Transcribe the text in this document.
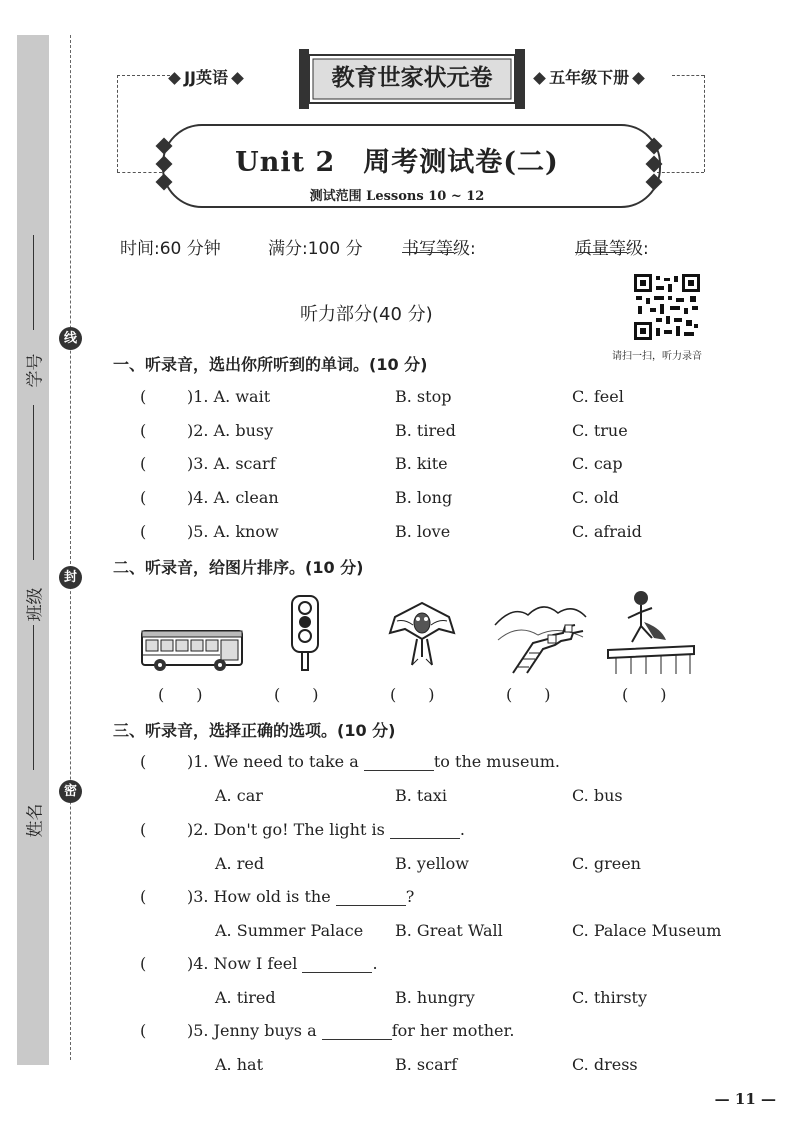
学号
班级
姓名
线
封
密
JJ英语	五年级下册
教育世家状元卷
Unit 2　周考测试卷(二)
测试范围 Lessons 10 ~ 12
时间:60 分钟	满分:100 分 书写等级:	质量等级:
请扫一扫，听力录音
听力部分(40 分)
一、听录音，选出你所听到的单词。(10 分)
(	)1. A. wait	B. stop	C. feel
(	)2. A. busy	B. tired	C. true
(	)3. A. scarf	B. kite	C. cap
(	)4. A. clean	B. long	C. old
(	)5. A. know	B. love	C. afraid
二、听录音，给图片排序。(10 分)
(　　)	(　　)	(　　)	(　　)	(　　)
三、听录音，选择正确的选项。(10 分)
(	)1. We need to take a	to the museum.
A. car	B. taxi	C. bus
(	)2. Don't go! The light is	.
A. red	B. yellow	C. green
(	)3. How old is the	?
A. Summer Palace B. Great Wall	C. Palace Museum
(	)4. Now I feel	.
A. tired	B. hungry	C. thirsty
(	)5. Jenny buys a	for her mother.
A. hat	B. scarf	C. dress
— 11 —
